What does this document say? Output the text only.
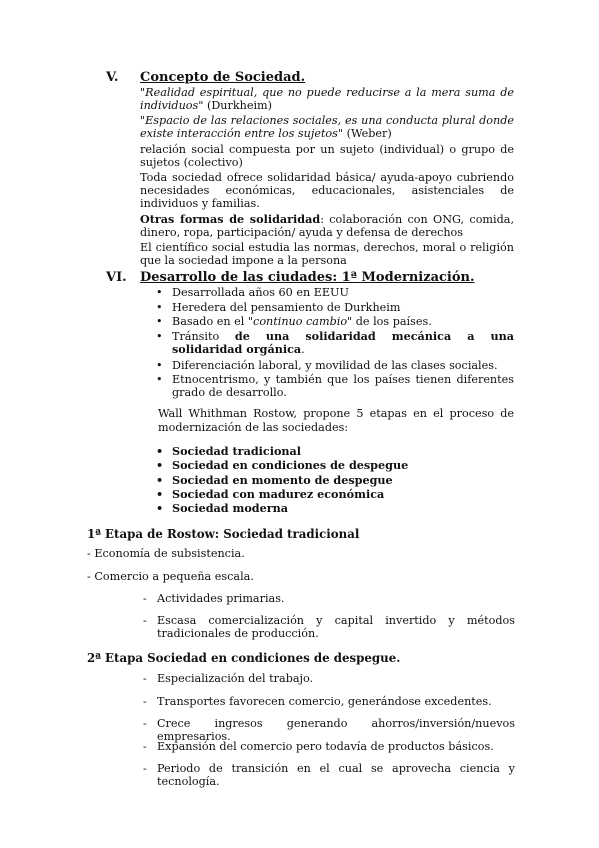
V.	Concepto de Sociedad.
"Realidad espiritual, que no puede reducirse a la mera suma de individuos" (Durkheim)
"Espacio de las relaciones sociales, es una conducta plural donde existe interacción entre los sujetos" (Weber)
relación social compuesta por un sujeto (individual) o grupo de sujetos (colectivo)
Toda sociedad ofrece solidaridad básica/ ayuda-apoyo cubriendo necesidades económicas, educacionales, asistenciales de individuos y familias.
Otras formas de solidaridad: colaboración con ONG, comida, dinero, ropa, participación/ ayuda y defensa de derechos
El científico social estudia las normas, derechos, moral o religión que la sociedad impone a la persona
VI.	Desarrollo de las ciudades: 1ª Modernización.
• Desarrollada años 60 en EEUU
• Heredera del pensamiento de Durkheim
• Basado en el "continuo cambio" de los países.
• Tránsito de una solidaridad mecánica a una solidaridad orgánica.
• Diferenciación laboral, y movilidad de las clases sociales.
• Etnocentrismo, y también que los países tienen diferentes grado de desarrollo.
Wall Whithman Rostow, propone 5 etapas en el proceso de modernización de las sociedades:
• Sociedad tradicional
• Sociedad en condiciones de despegue
• Sociedad en momento de despegue
• Sociedad con madurez económica
• Sociedad moderna
1ª Etapa de Rostow: Sociedad tradicional
- Economía de subsistencia.
- Comercio a pequeña escala.
- Actividades primarias.
- Escasa comercialización y capital invertido y métodos tradicionales de producción.
2ª Etapa Sociedad en condiciones de despegue.
- Especialización del trabajo.
- Transportes favorecen comercio, generándose excedentes.
- Crece ingresos generando ahorros/inversión/nuevos empresarios.
- Expansión del comercio pero todavía de productos básicos.
- Periodo de transición en el cual se aprovecha ciencia y tecnología.
